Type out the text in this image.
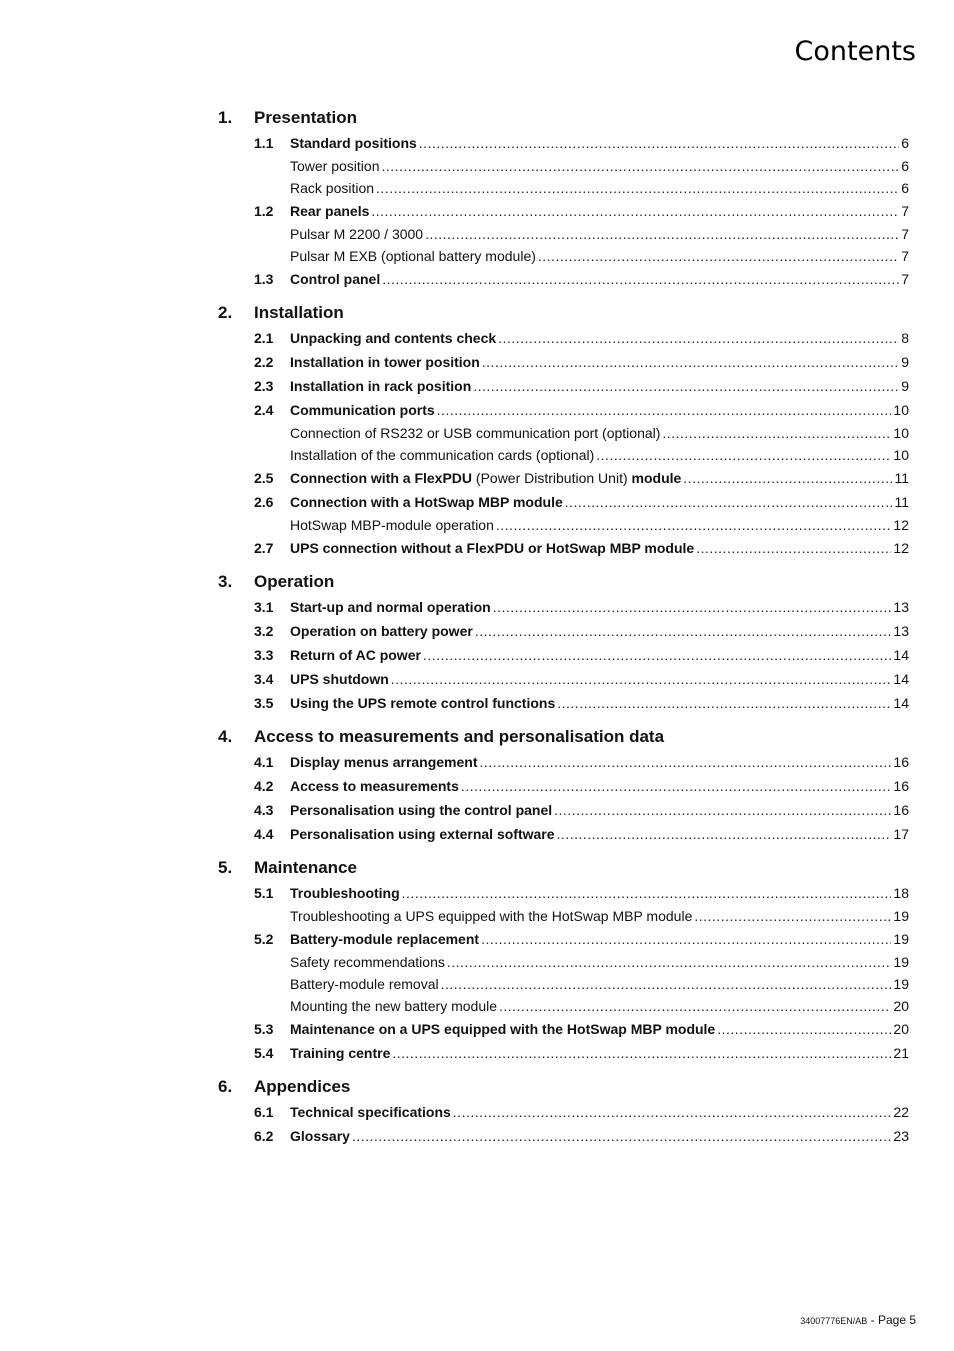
Contents
1. Presentation
1.1 Standard positions .....	6
Tower position .....	6
Rack position .....	6
1.2 Rear panels .....	7
Pulsar M 2200 / 3000 .....	7
Pulsar M EXB (optional battery module) .....	7
1.3 Control panel .....	7
2. Installation
2.1 Unpacking and contents check .....	8
2.2 Installation in tower position .....	9
2.3 Installation in rack position .....	9
2.4 Communication ports .....	10
Connection of RS232 or USB communication port (optional) .....	10
Installation of the communication cards (optional) .....	10
2.5 Connection with a FlexPDU (Power Distribution Unit) module .....	11
2.6 Connection with a HotSwap MBP module .....	11
HotSwap MBP-module operation .....	12
2.7 UPS connection without a FlexPDU or HotSwap MBP module .....	12
3. Operation
3.1 Start-up and normal operation .....	13
3.2 Operation on battery power .....	13
3.3 Return of AC power .....	14
3.4 UPS shutdown .....	14
3.5 Using the UPS remote control functions .....	14
4. Access to measurements and personalisation data
4.1 Display menus arrangement .....	16
4.2 Access to measurements .....	16
4.3 Personalisation using the control panel .....	16
4.4 Personalisation using external software .....	17
5. Maintenance
5.1 Troubleshooting .....	18
Troubleshooting a UPS equipped with the HotSwap MBP module .....	19
5.2 Battery-module replacement .....	19
Safety recommendations .....	19
Battery-module removal .....	19
Mounting the new battery module .....	20
5.3 Maintenance on a UPS equipped with the HotSwap MBP module .....	20
5.4 Training centre .....	21
6. Appendices
6.1 Technical specifications .....	22
6.2 Glossary .....	23
34007776EN/AB - Page 5
